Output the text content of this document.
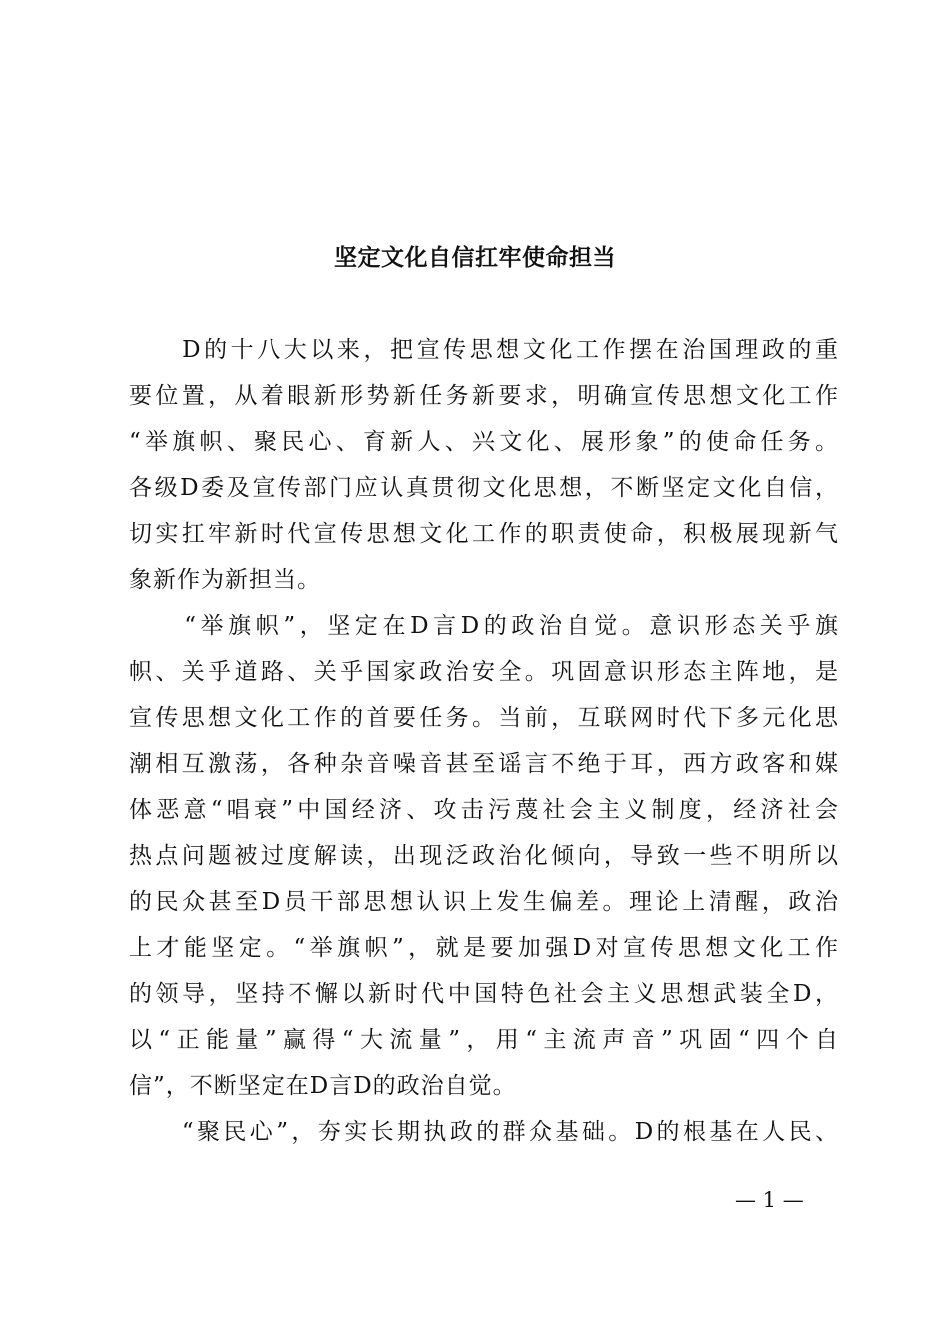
坚定文化自信扛牢使命担当
　　D的十八大以来，把宣传思想文化工作摆在治国理政的重
要位置，从着眼新形势新任务新要求，明确宣传思想文化工作
“举旗帜、聚民心、育新人、兴文化、展形象”的使命任务。
各级D委及宣传部门应认真贯彻文化思想，不断坚定文化自信，
切实扛牢新时代宣传思想文化工作的职责使命，积极展现新气
象新作为新担当。
　　“举旗帜”，坚定在D言D的政治自觉。意识形态关乎旗
帜、关乎道路、关乎国家政治安全。巩固意识形态主阵地，是
宣传思想文化工作的首要任务。当前，互联网时代下多元化思
潮相互激荡，各种杂音噪音甚至谣言不绝于耳，西方政客和媒
体恶意“唱衰”中国经济、攻击污蔑社会主义制度，经济社会
热点问题被过度解读，出现泛政治化倾向，导致一些不明所以
的民众甚至D员干部思想认识上发生偏差。理论上清醒，政治
上才能坚定。“举旗帜”，就是要加强D对宣传思想文化工作
的领导，坚持不懈以新时代中国特色社会主义思想武装全D，
以“正能量”赢得“大流量”，用“主流声音”巩固“四个自
信”，不断坚定在D言D的政治自觉。
　　“聚民心”，夯实长期执政的群众基础。D的根基在人民、
— 1 —
